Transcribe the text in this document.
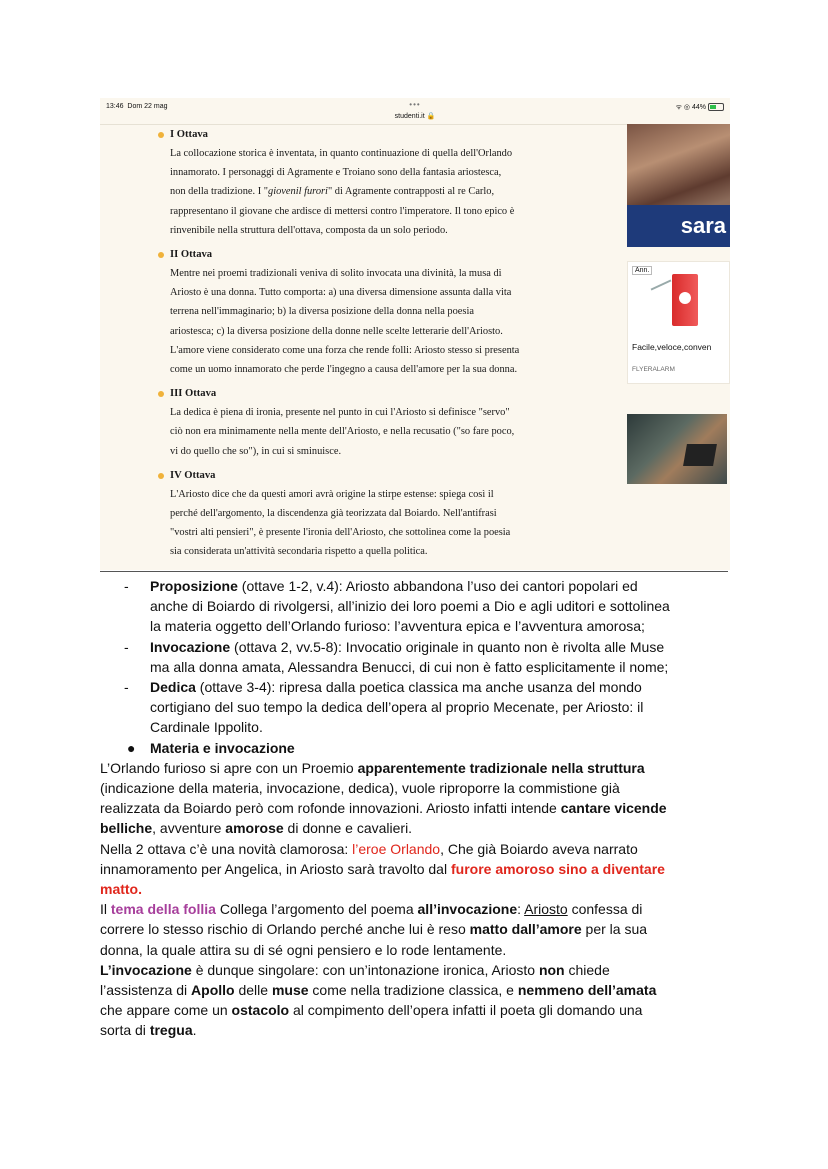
13:46 Dom 22 mag	•••
studenti.it 🔒
ᯤ ◎ 44%
I Ottava

La collocazione storica è inventata, in quanto continuazione di quella dell'Orlando
innamorato. I personaggi di Agramente e Troiano sono della fantasia ariostesca,
non della tradizione. I "giovenil furori" di Agramente contrapposti al re Carlo,
rappresentano il giovane che ardisce di mettersi contro l'imperatore. Il tono epico è
rinvenibile nella struttura dell'ottava, composta da un solo periodo.

II Ottava

Mentre nei proemi tradizionali veniva di solito invocata una divinità, la musa di
Ariosto è una donna. Tutto comporta: a) una diversa dimensione assunta dalla vita
terrena nell'immaginario; b) la diversa posizione della donna nella poesia
ariostesca; c) la diversa posizione della donne nelle scelte letterarie dell'Ariosto.
L'amore viene considerato come una forza che rende folli: Ariosto stesso si presenta
come un uomo innamorato che perde l'ingegno a causa dell'amore per la sua donna.

III Ottava

La dedica è piena di ironia, presente nel punto in cui l'Ariosto si definisce "servo"
ciò non era minimamente nella mente dell'Ariosto, e nella recusatio ("so fare poco,
vi do quello che so"), in cui si sminuisce.

IV Ottava

L'Ariosto dice che da questi amori avrà origine la stirpe estense: spiega così il
perché dell'argomento, la discendenza già teorizzata dal Boiardo. Nell'antifrasi
"vostri alti pensieri", è presente l'ironia dell'Ariosto, che sottolinea come la poesia
sia considerata un'attività secondaria rispetto a quella politica.

sara
Ann.
Facile,veloce,conven
FLYERALARM
- Proposizione (ottave 1-2, v.4): Ariosto abbandona l’uso dei cantori popolari ed
anche di Boiardo di rivolgersi, all’inizio dei loro poemi a Dio e agli uditori e sottolinea
la materia oggetto dell’Orlando furioso: l’avventura epica e l’avventura amorosa;
- Invocazione (ottava 2, vv.5-8): Invocatio originale in quanto non è rivolta alle Muse
ma alla donna amata, Alessandra Benucci, di cui non è fatto esplicitamente il nome;
- Dedica (ottave 3-4): ripresa dalla poetica classica ma anche usanza del mondo
cortigiano del suo tempo la dedica dell’opera al proprio Mecenate, per Ariosto: il
Cardinale Ippolito.
● Materia e invocazione

L’Orlando furioso si apre con un Proemio apparentemente tradizionale nella struttura
(indicazione della materia, invocazione, dedica), vuole riproporre la commistione già
realizzata da Boiardo però com rofonde innovazioni. Ariosto infatti intende cantare vicende
belliche, avventure amorose di donne e cavalieri.

Nella 2 ottava c’è una novità clamorosa: l’eroe Orlando, Che già Boiardo aveva narrato
innamoramento per Angelica, in Ariosto sarà travolto dal furore amoroso sino a diventare
matto.

Il tema della follia Collega l’argomento del poema all’invocazione: Ariosto confessa di
correre lo stesso rischio di Orlando perché anche lui è reso matto dall’amore per la sua
donna, la quale attira su di sé ogni pensiero e lo rode lentamente.

L’invocazione è dunque singolare: con un’intonazione ironica, Ariosto non chiede
l’assistenza di Apollo delle muse come nella tradizione classica, e nemmeno dell’amata
che appare come un ostacolo al compimento dell’opera infatti il poeta gli domando una
sorta di tregua.
